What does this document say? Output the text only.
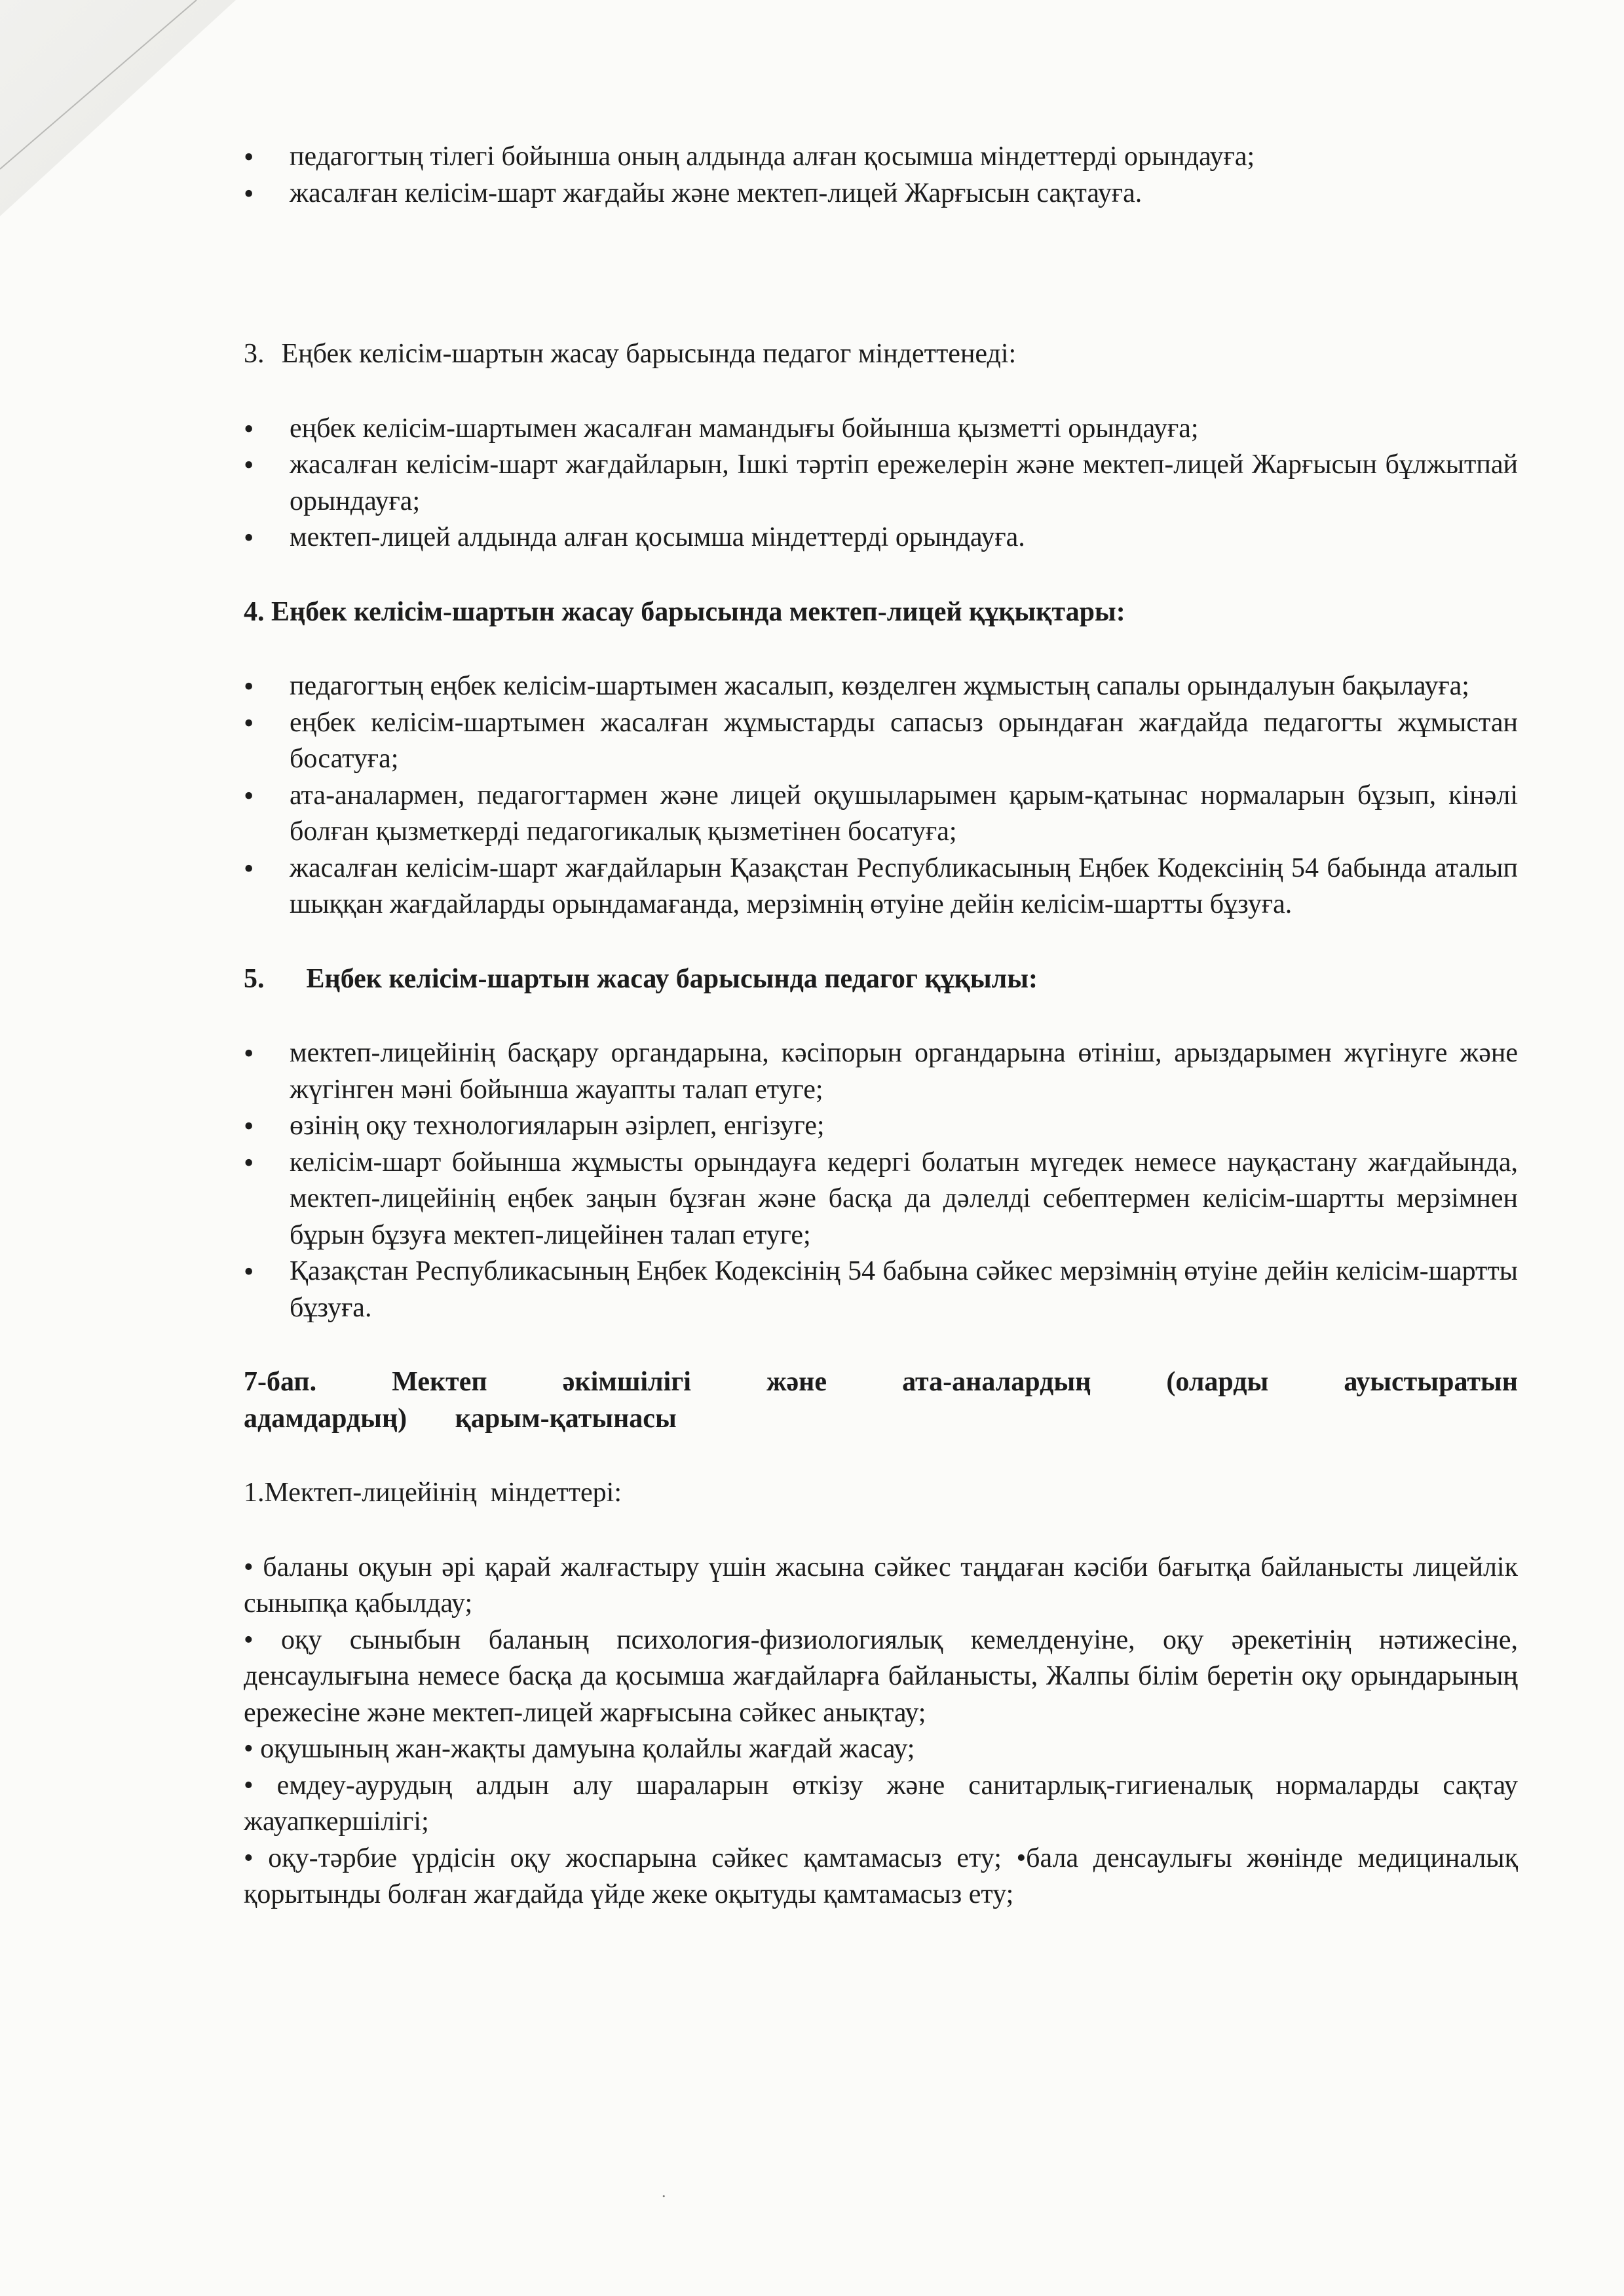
• педагогтың тілегі бойынша оның алдында алған қосымша міндеттерді орындауға;
• жасалған келісім-шарт жағдайы және мектеп-лицей Жарғысын сақтауға.

3. Еңбек келісім-шартын жасау барысында педагог міндеттенеді:

• еңбек келісім-шартымен жасалған мамандығы бойынша қызметті орындауға;
• жасалған келісім-шарт жағдайларын, Ішкі тәртіп ережелерін және мектеп-лицей Жарғысын бұлжытпай орындауға;
• мектеп-лицей алдында алған қосымша міндеттерді орындауға.

4. Еңбек келісім-шартын жасау барысында мектеп-лицей құқықтары:

• педагогтың еңбек келісім-шартымен жасалып, көзделген жұмыстың сапалы орындалуын бақылауға;
• еңбек келісім-шартымен жасалған жұмыстарды сапасыз орындаған жағдайда педагогты жұмыстан босатуға;
• ата-аналармен, педагогтармен және лицей оқушыларымен қарым-қатынас нормаларын бұзып, кінәлі болған қызметкерді педагогикалық қызметінен босатуға;
• жасалған келісім-шарт жағдайларын Қазақстан Республикасының Еңбек Кодексінің 54 бабында аталып шыққан жағдайларды орындамағанда, мерзімнің өтуіне дейін келісім-шартты бұзуға.

5. Еңбек келісім-шартын жасау барысында педагог құқылы:

• мектеп-лицейінің басқару органдарына, кәсіпорын органдарына өтініш, арыздарымен жүгінуге және жүгінген мәні бойынша жауапты талап етуге;
• өзінің оқу технологияларын әзірлеп, енгізуге;
• келісім-шарт бойынша жұмысты орындауға кедергі болатын мүгедек немесе науқастану жағдайында, мектеп-лицейінің еңбек заңын бұзған және басқа да дәлелді себептермен келісім-шартты мерзімнен бұрын бұзуға мектеп-лицейінен талап етуге;
• Қазақстан Республикасының Еңбек Кодексінің 54 бабына сәйкес мерзімнің өтуіне дейін келісім-шартты бұзуға.

7-бап.   Мектеп   әкімшілігі   және   ата-аналардың   (оларды   ауыстыратын

адамдардың)       қарым-қатынасы

1.Мектеп-лицейінің  міндеттері:

• баланы оқуын әрі қарай жалғастыру үшін жасына сәйкес таңдаған кәсіби бағытқа байланысты лицейлік сыныпқа қабылдау;

• оқу сыныбын баланың психология-физиологиялық кемелденуіне, оқу әрекетінің нәтижесіне, денсаулығына немесе басқа да қосымша жағдайларға байланысты, Жалпы білім беретін оқу орындарының ережесіне және мектеп-лицей жарғысына сәйкес анықтау;

• оқушының жан-жақты дамуына қолайлы жағдай жасау;

• емдеу-аурудың алдын алу шараларын өткізу және санитарлық-гигиеналық нормаларды сақтау жауапкершілігі;

• оқу-тәрбие үрдісін оқу жоспарына сәйкес қамтамасыз ету; •бала денсаулығы жөнінде медициналық қорытынды болған жағдайда үйде жеке оқытуды қамтамасыз ету;

.
